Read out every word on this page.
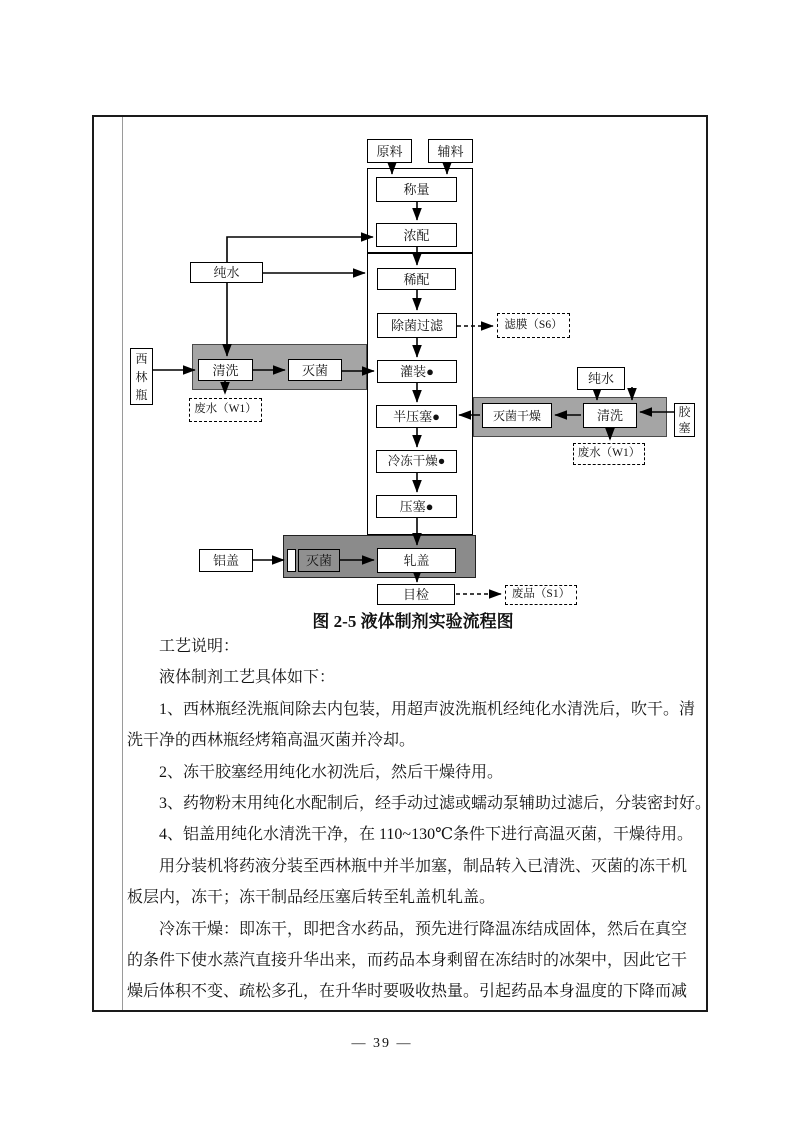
原料	辅料
称量
浓配
稀配
除菌过滤
灌装●
半压塞●
冷冻干燥●
压塞●
轧盖
目检
纯水
西林瓶
清洗	灭菌
废水（W1）
滤膜（S6）
纯水
灭菌干燥	清洗	胶塞
废水（W1）
铝盖	灭菌
废品（S1）
图 2-5 液体制剂实验流程图
工艺说明：
液体制剂工艺具体如下：
1、西林瓶经洗瓶间除去内包装，用超声波洗瓶机经纯化水清洗后，吹干。清
洗干净的西林瓶经烤箱高温灭菌并冷却。
2、冻干胶塞经用纯化水初洗后，然后干燥待用。
3、药物粉末用纯化水配制后，经手动过滤或蠕动泵辅助过滤后，分装密封好。
4、铝盖用纯化水清洗干净，在 110~130℃条件下进行高温灭菌，干燥待用。
用分装机将药液分装至西林瓶中并半加塞，制品转入已清洗、灭菌的冻干机
板层内，冻干；冻干制品经压塞后转至轧盖机轧盖。
冷冻干燥：即冻干，即把含水药品，预先进行降温冻结成固体，然后在真空
的条件下使水蒸汽直接升华出来，而药品本身剩留在冻结时的冰架中，因此它干
燥后体积不变、疏松多孔，在升华时要吸收热量。引起药品本身温度的下降而减
— 39 —
